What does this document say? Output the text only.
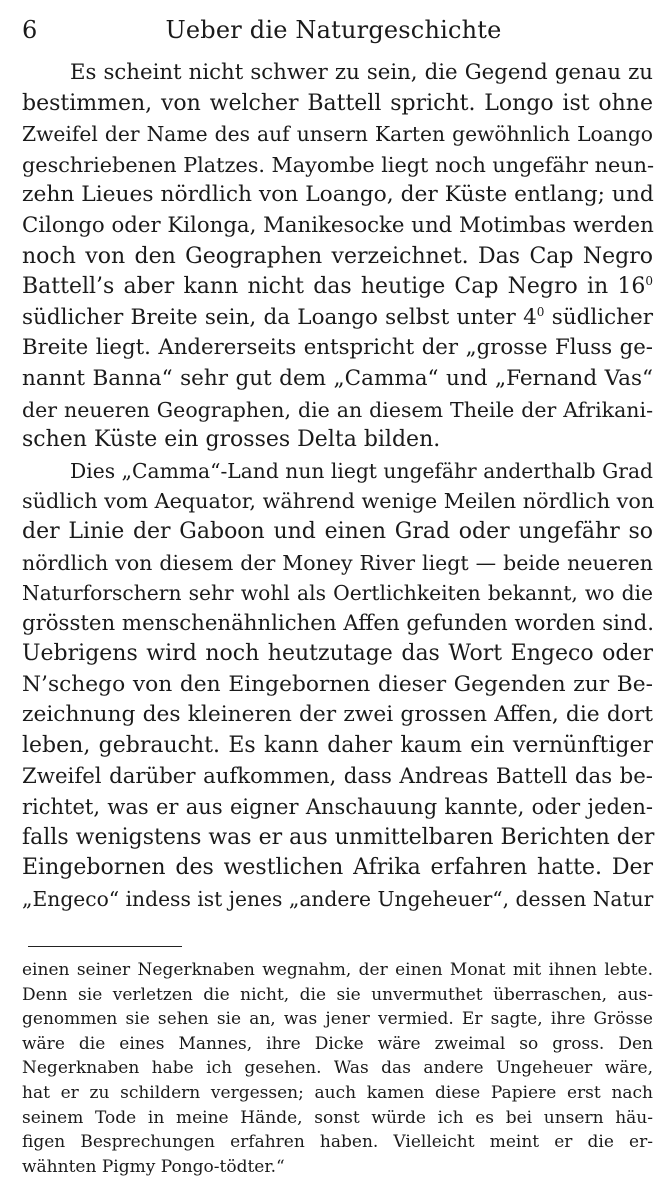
6	Ueber die Naturgeschichte
Es scheint nicht schwer zu sein, die Gegend genau zu
bestimmen, von welcher Battell spricht. Longo ist ohne
Zweifel der Name des auf unsern Karten gewöhnlich Loango
geschriebenen Platzes. Mayombe liegt noch ungefähr neun-
zehn Lieues nördlich von Loango, der Küste entlang; und
Cilongo oder Kilonga, Manikesocke und Motimbas werden
noch von den Geographen verzeichnet. Das Cap Negro
Battell’s aber kann nicht das heutige Cap Negro in $16^0$
südlicher Breite sein, da Loango selbst unter $4^0$ südlicher
Breite liegt. Andererseits entspricht der „grosse Fluss ge-
nannt Banna“ sehr gut dem „Camma“ und „Fernand Vas“
der neueren Geographen, die an diesem Theile der Afrikani-
schen Küste ein grosses Delta bilden.
Dies „Camma“-Land nun liegt ungefähr anderthalb Grad
südlich vom Aequator, während wenige Meilen nördlich von
der Linie der Gaboon und einen Grad oder ungefähr so
nördlich von diesem der Money River liegt — beide neueren
Naturforschern sehr wohl als Oertlichkeiten bekannt, wo die
grössten menschenähnlichen Affen gefunden worden sind.
Uebrigens wird noch heutzutage das Wort Engeco oder
N’schego von den Eingebornen dieser Gegenden zur Be-
zeichnung des kleineren der zwei grossen Affen, die dort
leben, gebraucht. Es kann daher kaum ein vernünftiger
Zweifel darüber aufkommen, dass Andreas Battell das be-
richtet, was er aus eigner Anschauung kannte, oder jeden-
falls wenigstens was er aus unmittelbaren Berichten der
Eingebornen des westlichen Afrika erfahren hatte. Der
„Engeco“ indess ist jenes „andere Ungeheuer“, dessen Natur
einen seiner Negerknaben wegnahm, der einen Monat mit ihnen lebte.
Denn sie verletzen die nicht, die sie unvermuthet überraschen, aus-
genommen sie sehen sie an, was jener vermied. Er sagte, ihre Grösse
wäre die eines Mannes, ihre Dicke wäre zweimal so gross. Den
Negerknaben habe ich gesehen. Was das andere Ungeheuer wäre,
hat er zu schildern vergessen; auch kamen diese Papiere erst nach
seinem Tode in meine Hände, sonst würde ich es bei unsern häu-
figen Besprechungen erfahren haben. Vielleicht meint er die er-
wähnten Pigmy Pongo-tödter.“
